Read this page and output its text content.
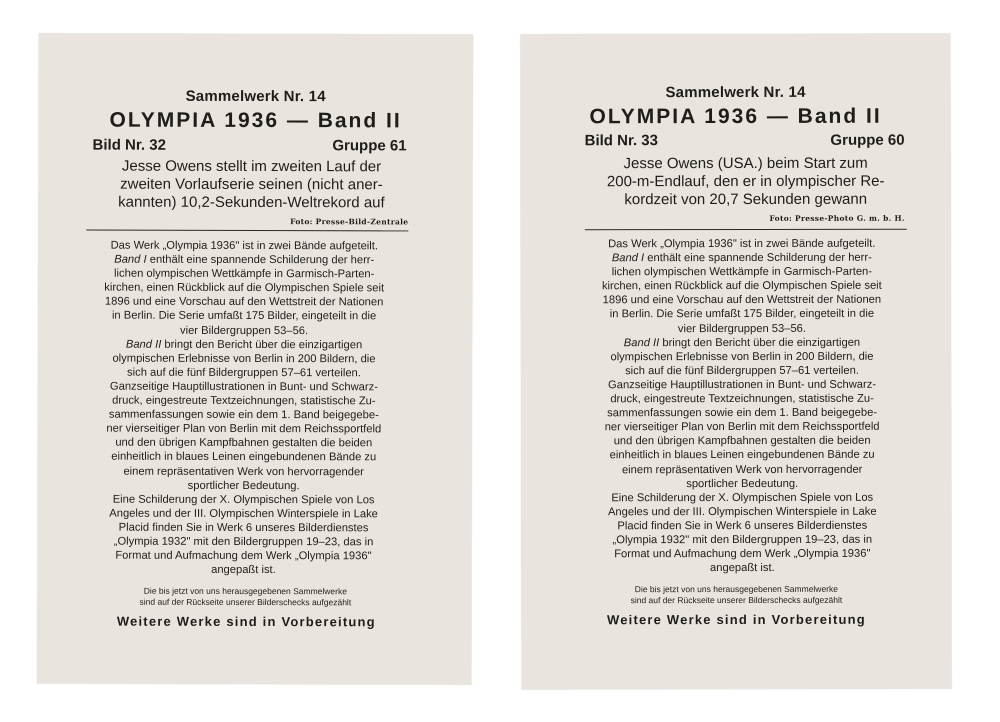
Sammelwerk Nr. 14
OLYMPIA 1936 — Band II
Bild Nr. 32	Gruppe 61
Jesse Owens stellt im zweiten Lauf der
zweiten Vorlaufserie seinen (nicht aner-
kannten) 10,2-Sekunden-Weltrekord auf
Foto: Presse-Bild-Zentrale

Das Werk „Olympia 1936" ist in zwei Bände aufgeteilt.

Band I enthält eine spannende Schilderung der herr-

lichen olympischen Wettkämpfe in Garmisch-Parten-

kirchen, einen Rückblick auf die Olympischen Spiele seit

1896 und eine Vorschau auf den Wettstreit der Nationen

in Berlin. Die Serie umfaßt 175 Bilder, eingeteilt in die

vier Bildergruppen 53–56.

Band II bringt den Bericht über die einzigartigen

olympischen Erlebnisse von Berlin in 200 Bildern, die

sich auf die fünf Bildergruppen 57–61 verteilen.

Ganzseitige Hauptillustrationen in Bunt- und Schwarz-

druck, eingestreute Textzeichnungen, statistische Zu-

sammenfassungen sowie ein dem 1. Band beigegebe-

ner vierseitiger Plan von Berlin mit dem Reichssportfeld

und den übrigen Kampfbahnen gestalten die beiden

einheitlich in blaues Leinen eingebundenen Bände zu

einem repräsentativen Werk von hervorragender

sportlicher Bedeutung.

Eine Schilderung der X. Olympischen Spiele von Los

Angeles und der III. Olympischen Winterspiele in Lake

Placid finden Sie in Werk 6 unseres Bilderdienstes

„Olympia 1932" mit den Bildergruppen 19–23, das in

Format und Aufmachung dem Werk „Olympia 1936"

angepaßt ist.

Die bis jetzt von uns herausgegebenen Sammelwerke

sind auf der Rückseite unserer Bilderschecks aufgezählt

Weitere Werke sind in Vorbereitung
Sammelwerk Nr. 14
OLYMPIA 1936 — Band II
Bild Nr. 33	Gruppe 60
Jesse Owens (USA.) beim Start zum
200-m-Endlauf, den er in olympischer Re-
kordzeit von 20,7 Sekunden gewann
Foto: Presse-Photo G. m. b. H.

Das Werk „Olympia 1936" ist in zwei Bände aufgeteilt.

Band I enthält eine spannende Schilderung der herr-

lichen olympischen Wettkämpfe in Garmisch-Parten-

kirchen, einen Rückblick auf die Olympischen Spiele seit

1896 und eine Vorschau auf den Wettstreit der Nationen

in Berlin. Die Serie umfaßt 175 Bilder, eingeteilt in die

vier Bildergruppen 53–56.

Band II bringt den Bericht über die einzigartigen

olympischen Erlebnisse von Berlin in 200 Bildern, die

sich auf die fünf Bildergruppen 57–61 verteilen.

Ganzseitige Hauptillustrationen in Bunt- und Schwarz-

druck, eingestreute Textzeichnungen, statistische Zu-

sammenfassungen sowie ein dem 1. Band beigegebe-

ner vierseitiger Plan von Berlin mit dem Reichssportfeld

und den übrigen Kampfbahnen gestalten die beiden

einheitlich in blaues Leinen eingebundenen Bände zu

einem repräsentativen Werk von hervorragender

sportlicher Bedeutung.

Eine Schilderung der X. Olympischen Spiele von Los

Angeles und der III. Olympischen Winterspiele in Lake

Placid finden Sie in Werk 6 unseres Bilderdienstes

„Olympia 1932" mit den Bildergruppen 19–23, das in

Format und Aufmachung dem Werk „Olympia 1936"

angepaßt ist.

Die bis jetzt von uns herausgegebenen Sammelwerke

sind auf der Rückseite unserer Bilderschecks aufgezählt

Weitere Werke sind in Vorbereitung
